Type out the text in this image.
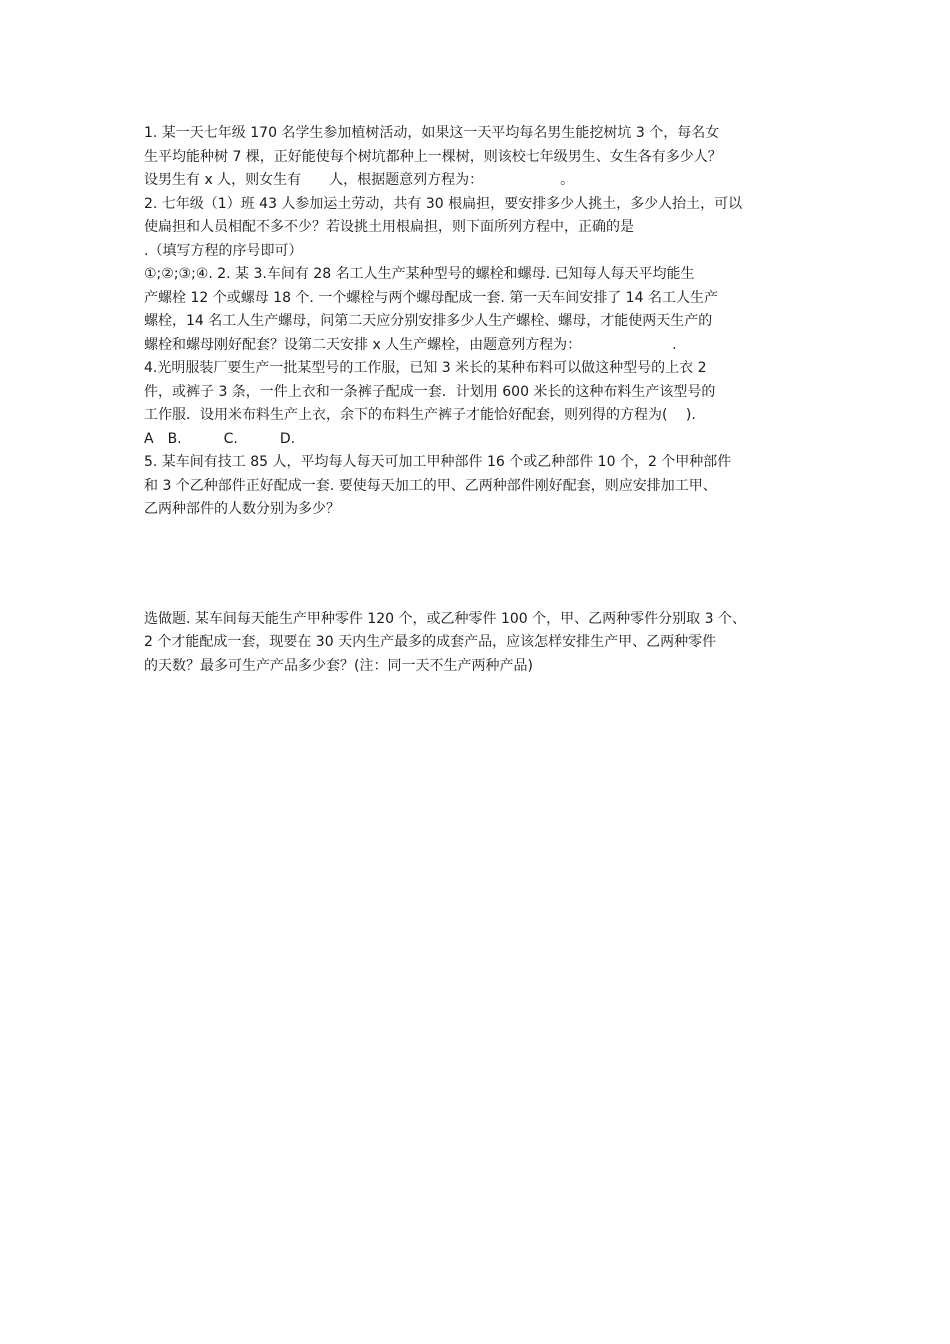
1. 某一天七年级 170 名学生参加植树活动，如果这一天平均每名男生能挖树坑 3 个，每名女
生平均能种树 7 棵，正好能使每个树坑都种上一棵树，则该校七年级男生、女生各有多少人？
设男生有 x 人，则女生有　　人，根据题意列方程为：　　　　　　。
2. 七年级（1）班 43 人参加运土劳动，共有 30 根扁担，要安排多少人挑土，多少人抬土，可以
使扁担和人员相配不多不少？若设挑土用根扁担，则下面所列方程中，正确的是
.（填写方程的序号即可）
①;②;③;④. 2. 某 3.车间有 28 名工人生产某种型号的螺栓和螺母. 已知每人每天平均能生
产螺栓 12 个或螺母 18 个. 一个螺栓与两个螺母配成一套. 第一天车间安排了 14 名工人生产
螺栓，14 名工人生产螺母，问第二天应分别安排多少人生产螺栓、螺母，才能使两天生产的
螺栓和螺母刚好配套？设第二天安排 x 人生产螺栓，由题意列方程为：　　　　　　　.
4.光明服装厂要生产一批某型号的工作服，已知 3 米长的某种布料可以做这种型号的上衣 2
件，或裤子 3 条，一件上衣和一条裤子配成一套．计划用 600 米长的这种布料生产该型号的
工作服．设用米布料生产上衣，余下的布料生产裤子才能恰好配套，则列得的方程为(　 ).
A　B.　　　C.　　　D.
5. 某车间有技工 85 人，平均每人每天可加工甲种部件 16 个或乙种部件 10 个，2 个甲种部件
和 3 个乙种部件正好配成一套. 要使每天加工的甲、乙两种部件刚好配套，则应安排加工甲、
乙两种部件的人数分别为多少？
选做题. 某车间每天能生产甲种零件 120 个，或乙种零件 100 个，甲、乙两种零件分别取 3 个、
2 个才能配成一套，现要在 30 天内生产最多的成套产品，应该怎样安排生产甲、乙两种零件
的天数？最多可生产产品多少套？(注：同一天不生产两种产品)
